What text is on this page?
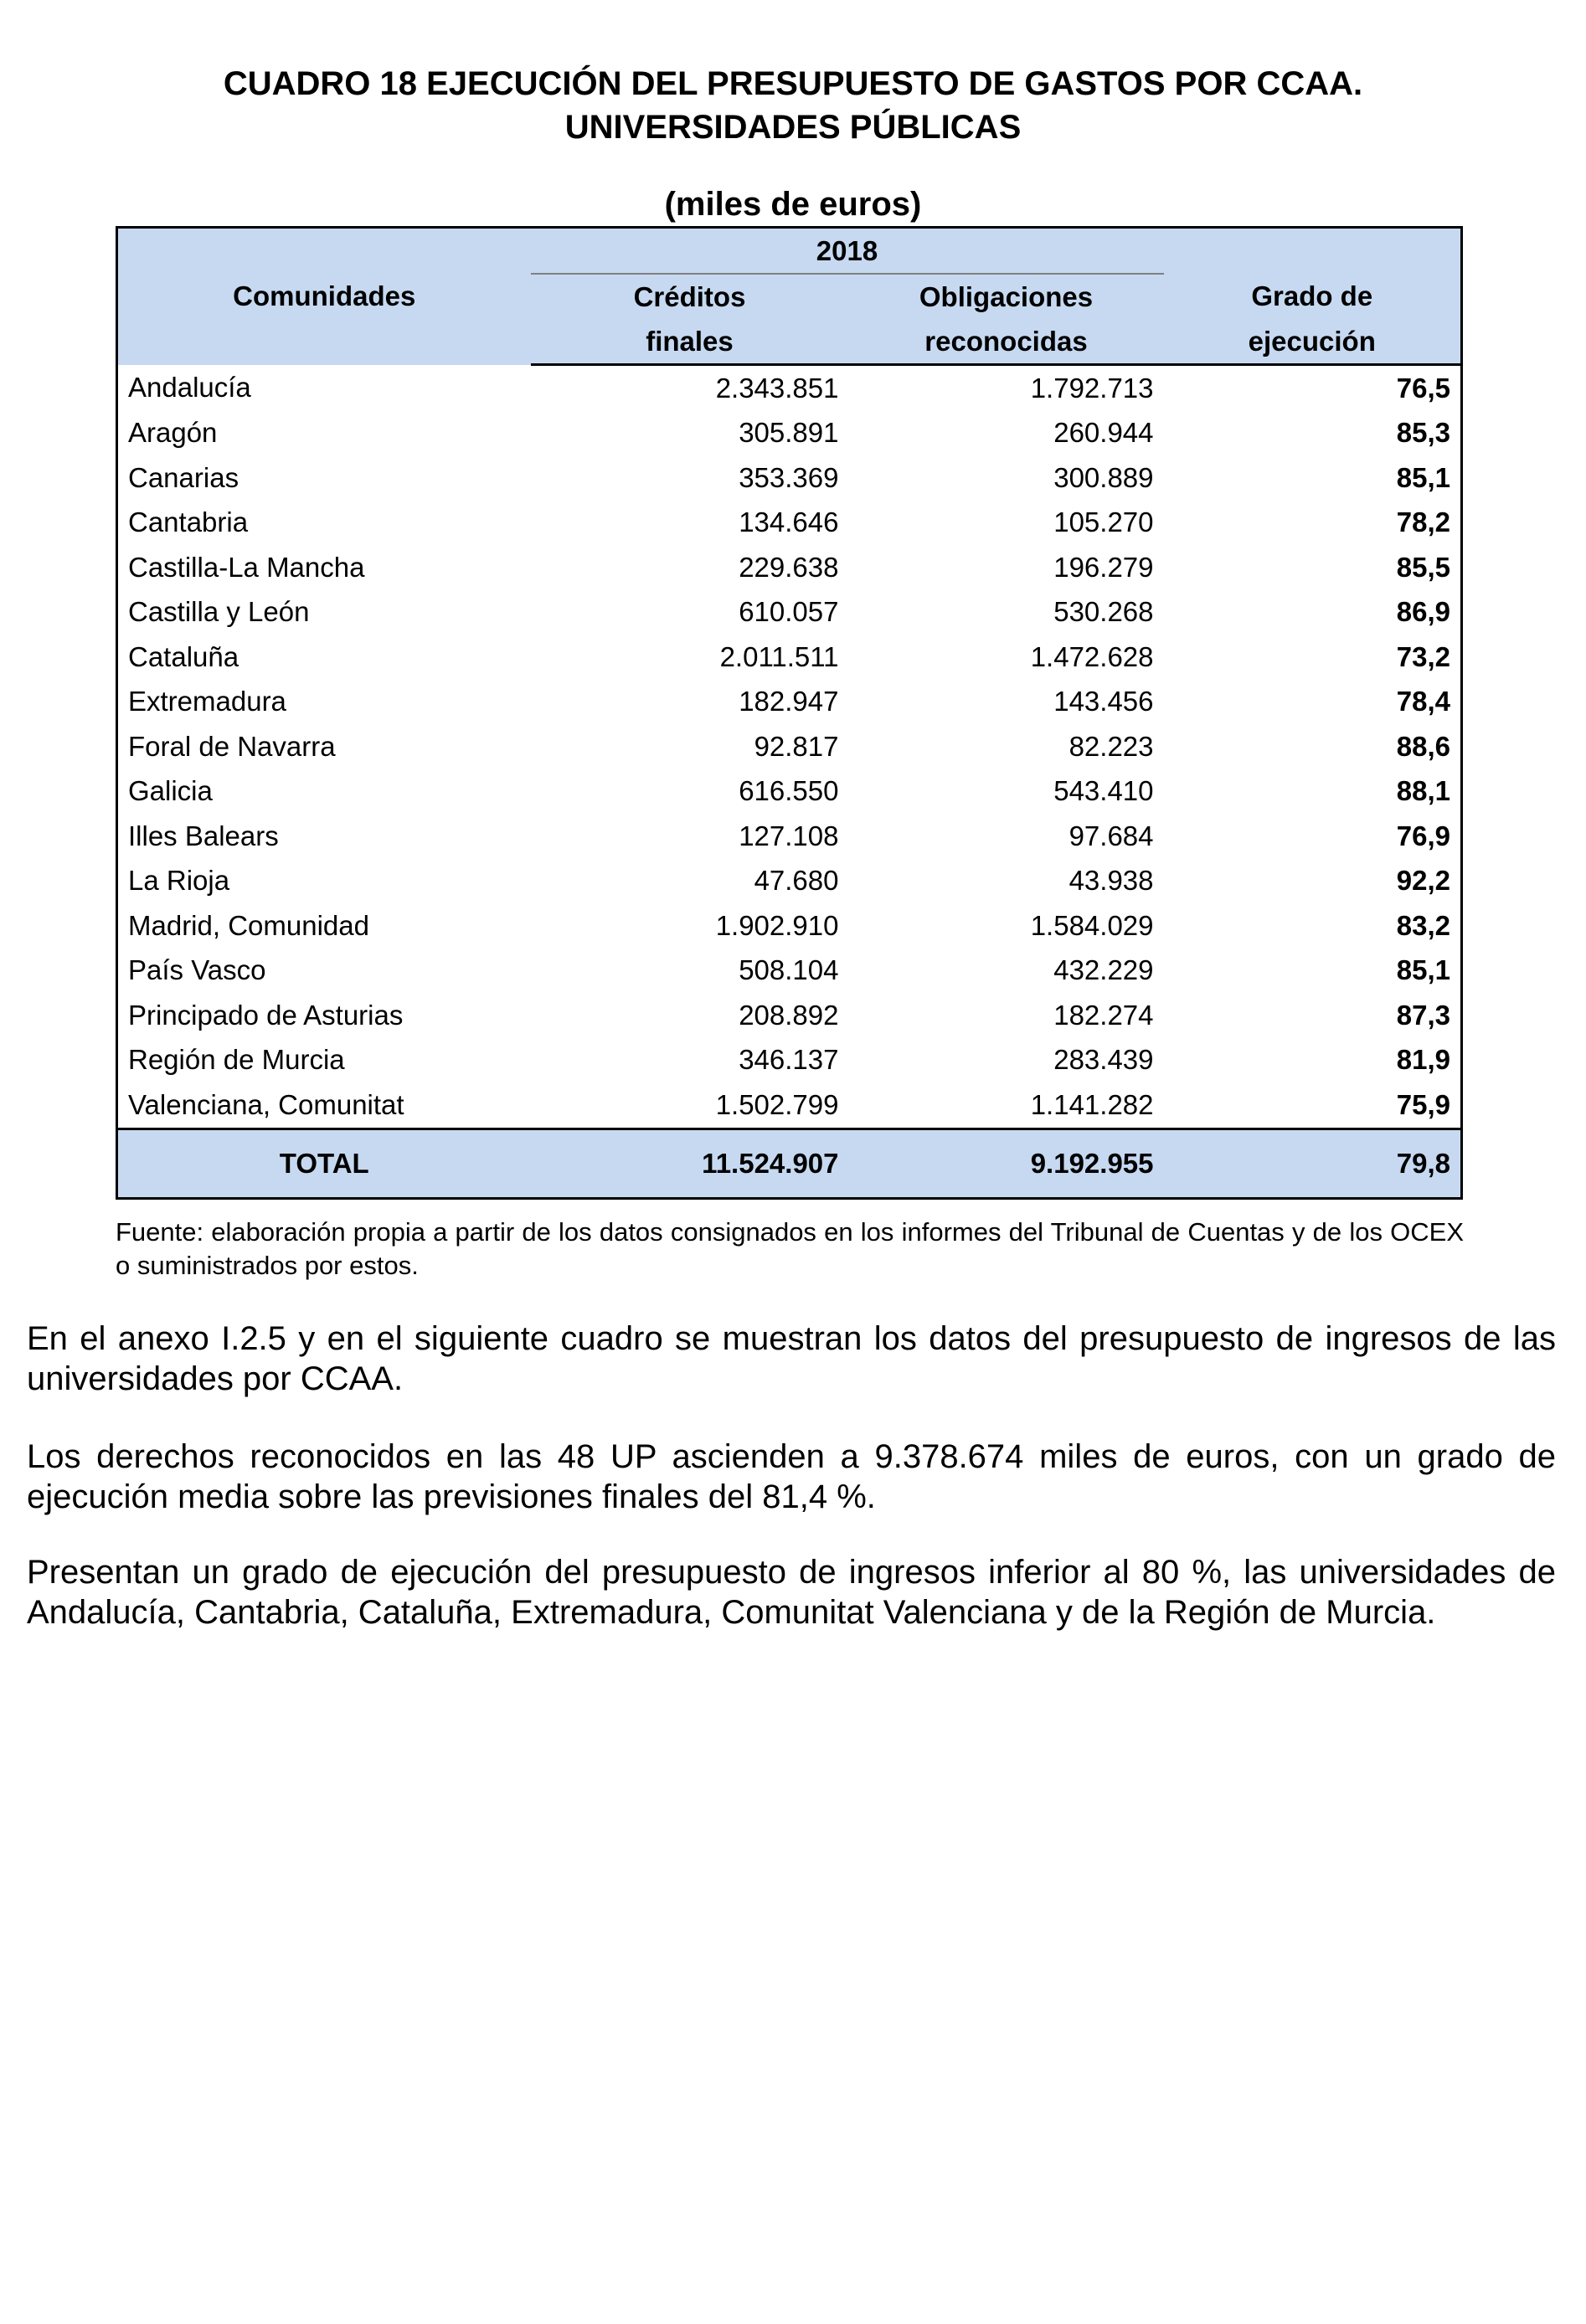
CUADRO 18 EJECUCIÓN DEL PRESUPUESTO DE GASTOS POR CCAA.
UNIVERSIDADES PÚBLICAS
(miles de euros)
Comunidades	2018		
	Créditos	Obligaciones	Grado de
	finales	reconocidas	ejecución
Andalucía	2.343.851	1.792.713	76,5
Aragón	305.891	260.944	85,3
Canarias	353.369	300.889	85,1
Cantabria	134.646	105.270	78,2
Castilla-La Mancha	229.638	196.279	85,5
Castilla y León	610.057	530.268	86,9
Cataluña	2.011.511	1.472.628	73,2
Extremadura	182.947	143.456	78,4
Foral de Navarra	92.817	82.223	88,6
Galicia	616.550	543.410	88,1
Illes Balears	127.108	97.684	76,9
La Rioja	47.680	43.938	92,2
Madrid, Comunidad	1.902.910	1.584.029	83,2
País Vasco	508.104	432.229	85,1
Principado de Asturias	208.892	182.274	87,3
Región de Murcia	346.137	283.439	81,9
Valenciana, Comunitat	1.502.799	1.141.282	75,9
TOTAL	11.524.907	9.192.955	79,8
Fuente: elaboración propia a partir de los datos consignados en los informes del Tribunal de Cuentas y de los OCEX o suministrados por estos.
En el anexo I.2.5 y en el siguiente cuadro se muestran los datos del presupuesto de ingresos de las universidades por CCAA.
Los derechos reconocidos en las 48 UP ascienden a 9.378.674 miles de euros, con un grado de ejecución media sobre las previsiones finales del 81,4 %.
Presentan un grado de ejecución del presupuesto de ingresos inferior al 80 %, las universidades de Andalucía, Cantabria, Cataluña, Extremadura, Comunitat Valenciana y de la Región de Murcia.
